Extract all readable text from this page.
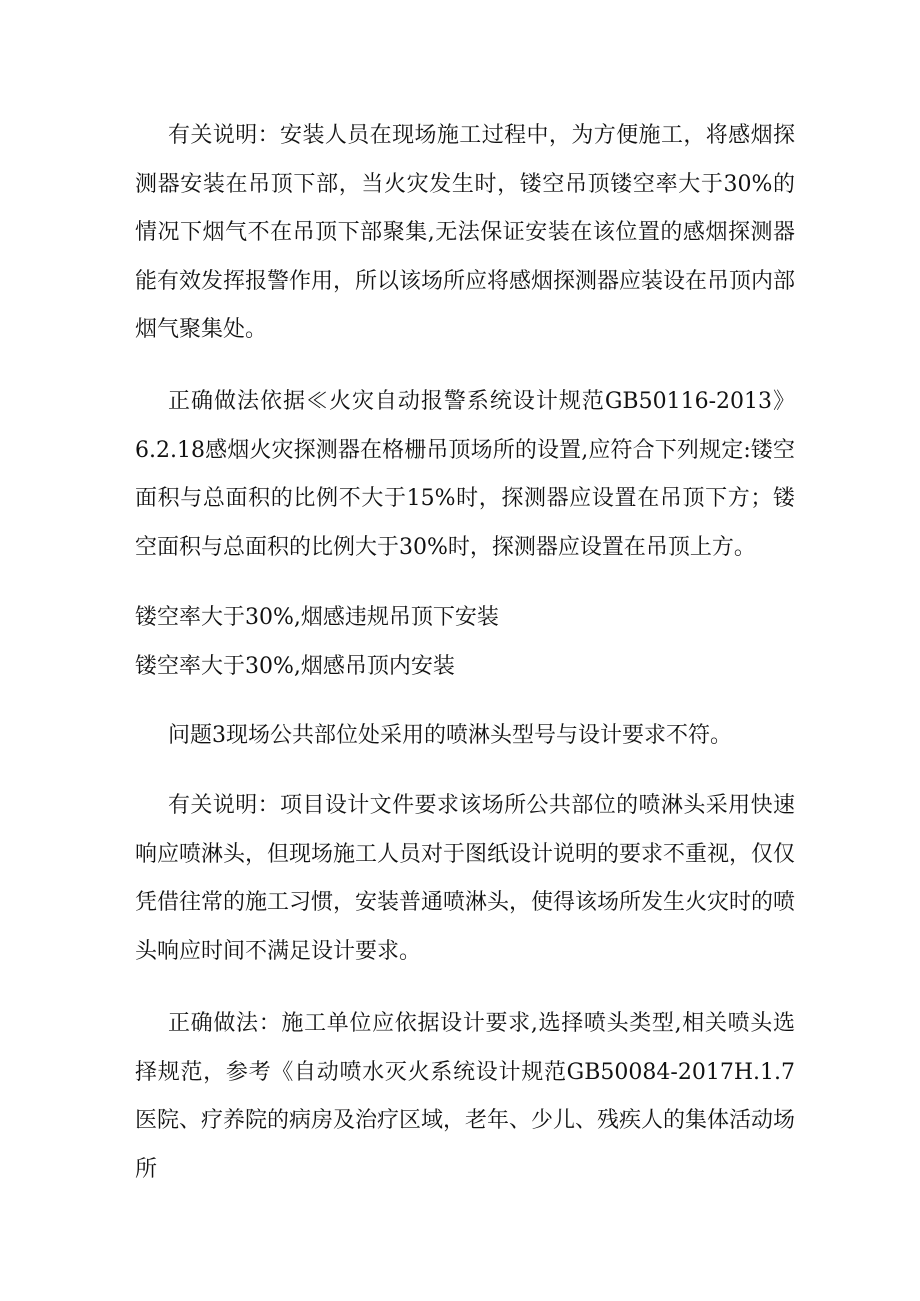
有关说明：安装人员在现场施工过程中，为方便施工，将感烟探测器安装在吊顶下部，当火灾发生时，镂空吊顶镂空率大于30%的情况下烟气不在吊顶下部聚集,无法保证安装在该位置的感烟探测器能有效发挥报警作用，所以该场所应将感烟探测器应装设在吊顶内部烟气聚集处。

正确做法依据≪火灾自动报警系统设计规范GB50116-2013》6.2.18感烟火灾探测器在格栅吊顶场所的设置,应符合下列规定:镂空面积与总面积的比例不大于15%时，探测器应设置在吊顶下方；镂空面积与总面积的比例大于30%时，探测器应设置在吊顶上方。

镂空率大于30%,烟感违规吊顶下安装
镂空率大于30%,烟感吊顶内安装

问题3现场公共部位处采用的喷淋头型号与设计要求不符。

有关说明：项目设计文件要求该场所公共部位的喷淋头采用快速响应喷淋头，但现场施工人员对于图纸设计说明的要求不重视，仅仅凭借往常的施工习惯，安装普通喷淋头，使得该场所发生火灾时的喷头响应时间不满足设计要求。

正确做法：施工单位应依据设计要求,选择喷头类型,相关喷头选择规范，参考《自动喷水灭火系统设计规范GB50084-2017H.1.7医院、疗养院的病房及治疗区域，老年、少儿、残疾人的集体活动场所
